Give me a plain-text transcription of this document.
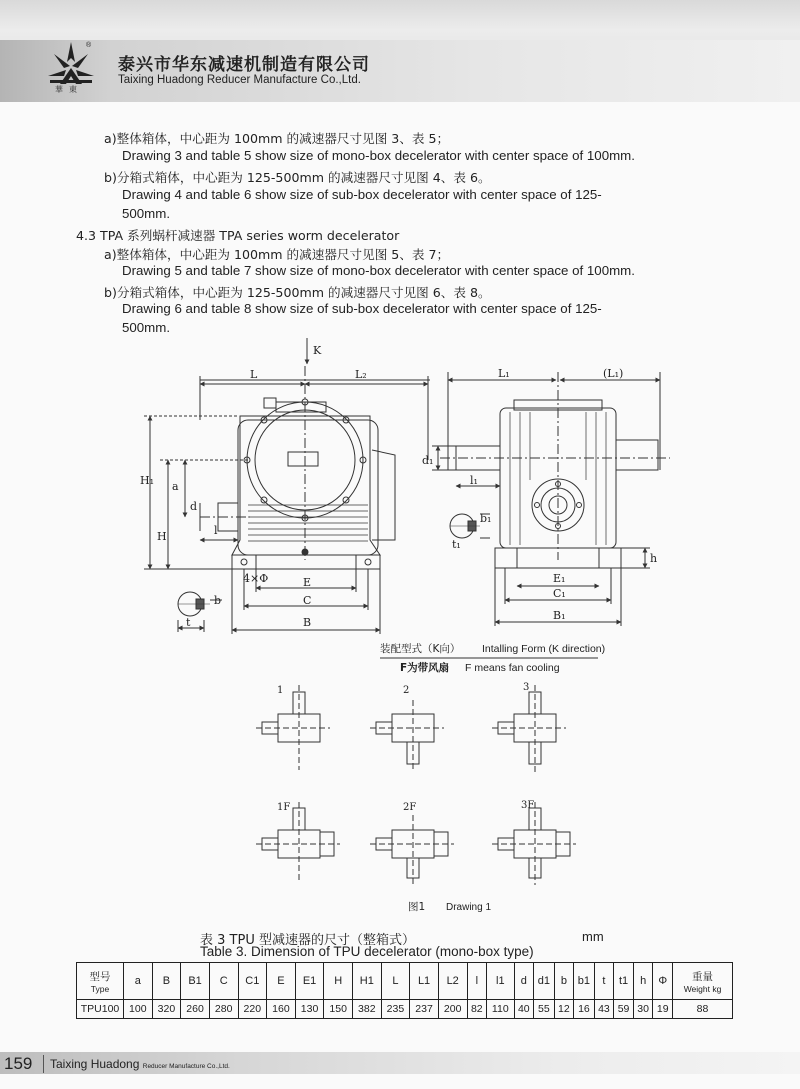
華東
®
泰兴市华东减速机制造有限公司
Taixing Huadong Reducer Manufacture Co.,Ltd.
a)整体箱体，中心距为 100mm 的减速器尺寸见图 3、表 5；
Drawing 3 and table 5 show size of mono-box decelerator with center space of 100mm.
b)分箱式箱体，中心距为 125-500mm 的减速器尺寸见图 4、表 6。
Drawing 4 and table 6 show size of sub-box decelerator with center space of 125-
500mm.
4.3 TPA 系列蜗杆减速器 TPA series worm decelerator
a)整体箱体，中心距为 100mm 的减速器尺寸见图 5、表 7；
Drawing 5 and table 7 show size of mono-box decelerator with center space of 100mm.
b)分箱式箱体，中心距为 125-500mm 的减速器尺寸见图 6、表 8。
Drawing 6 and table 8 show size of sub-box decelerator with center space of 125-
500mm.
K
L	L₂
H₁
H
a
d
l
4×Φ	E
C
B
b
t
L₁	(L₁)
d₁
l₁
b₁
t₁
h
E₁
C₁
B₁
装配型式（K向） Intalling Form (K direction)
F为带风扇 F means fan cooling
1	2	3
1F	2F	3F
图1 Drawing 1
表 3 TPU 型减速器的尺寸（整箱式）	mm
Table 3. Dimension of TPU decelerator (mono-box type)
型号
Type	a	B	B1	C	C1	E	E1	H	H1	L	L1	L2	l	l1	d	d1	b	b1	t	t1	h	Φ	重量
Weight kg

TPU100	100	320	260	280	220	160	130	150	382	235	237	200	82	110	40	55	12	16	43	59	30	19	88
159 Taixing Huadong Reducer Manufacture Co.,Ltd.
